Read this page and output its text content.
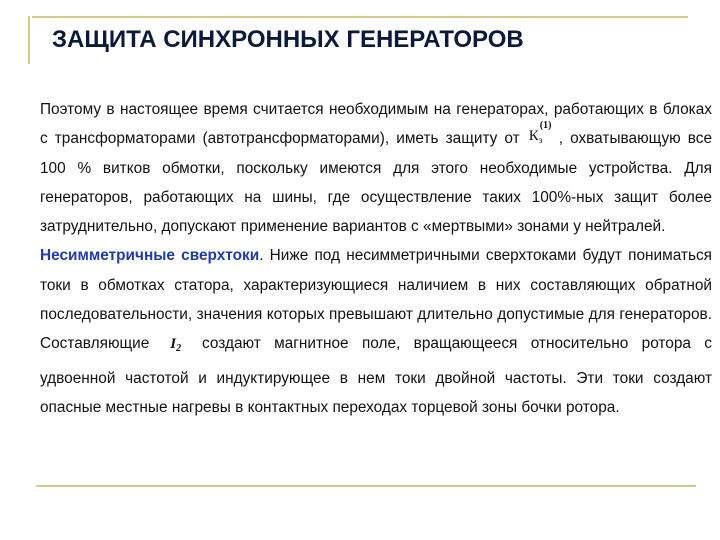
ЗАЩИТА СИНХРОННЫХ ГЕНЕРАТОРОВ

Поэтому в настоящее время считается необходимым на генераторах, работающих в блоках с трансформаторами (автотрансформаторами), иметь защиту от К
(1)
з , охватывающую все 100 % витков обмотки, поскольку имеются для этого необходимые устройства. Для генераторов, работающих на шины, где осуществление таких 100%-ных защит более затруднительно, допускают применение вариантов с «мертвыми» зонами у нейтралей.

Несимметричные сверхтоки. Ниже под несимметричными сверхтоками будут пониматься токи в обмотках статора, характеризующиеся наличием в них составляющих обратной последовательности, значения которых превышают длительно допустимые для генераторов. Составляющие $I_2$ создают магнитное поле, вращающееся относительно ротора с удвоенной частотой и индуктирующее в нем токи двойной частоты. Эти токи создают опасные местные нагревы в контактных переходах торцевой зоны бочки ротора.
